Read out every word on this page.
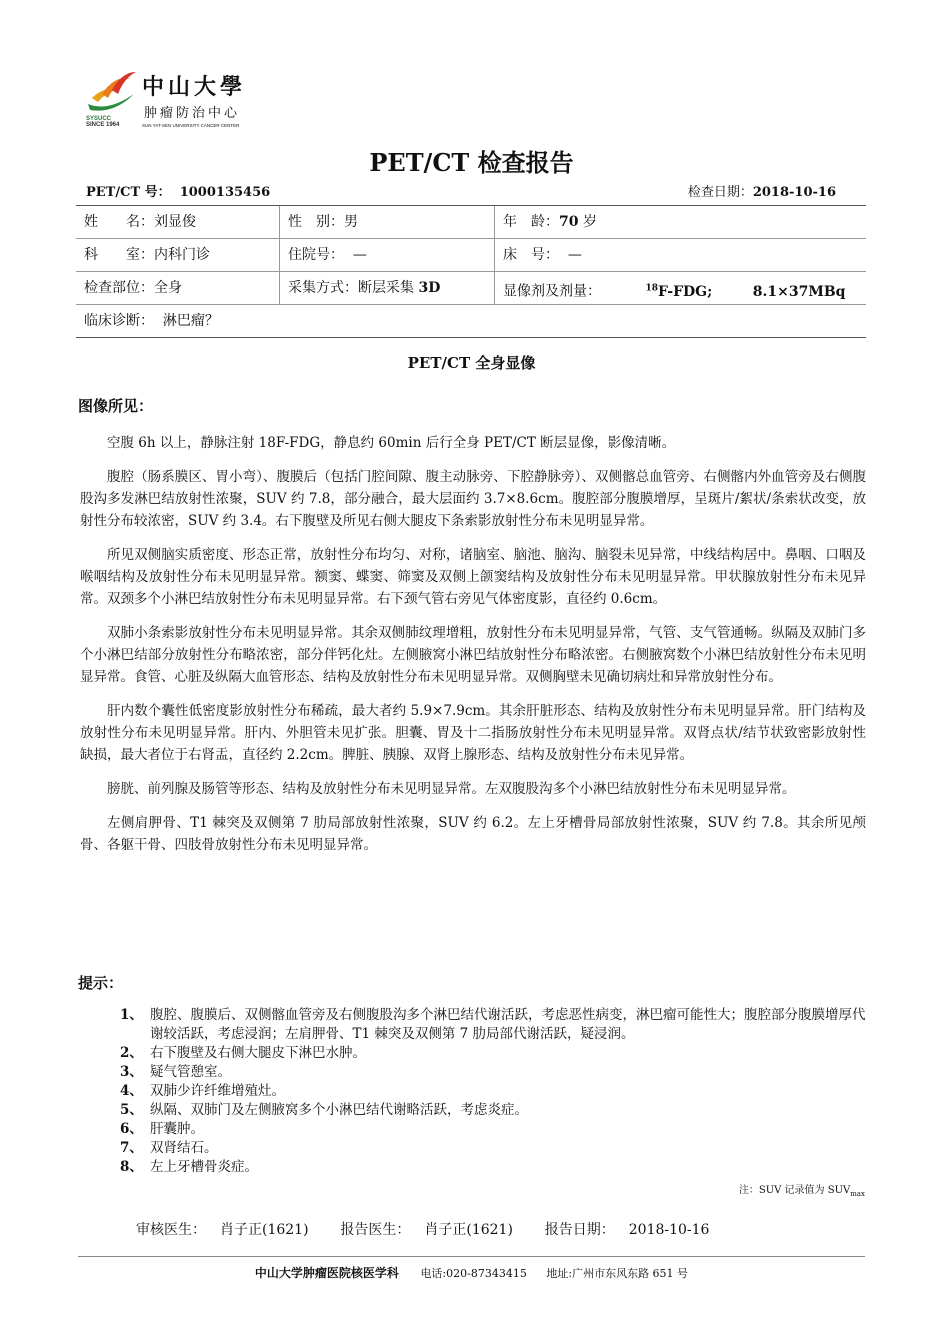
中山大學
肿瘤防治中心
SYSUCC
SINCE 1964	SUN YAT-SEN UNIVERSITY CANCER CENTER
PET/CT 检查报告
PET/CT 号： 1000135456	检查日期：2018-10-16
姓　　名：刘显俊	性　别：男	年　龄：70 岁
科　　室：内科门诊	住院号： —	床　号： —
检查部位：全身	采集方式：断层采集 3D	显像剂及剂量：	$^{18}$F-FDG;	8.1×37MBq
临床诊断： 淋巴瘤？
PET/CT 全身显像
图像所见：

空腹 6h 以上，静脉注射 18F-FDG，静息约 60min 后行全身 PET/CT 断层显像，影像清晰。

腹腔（肠系膜区、胃小弯）、腹膜后（包括门腔间隙、腹主动脉旁、下腔静脉旁）、双侧髂总血管旁、右侧髂内外血管旁及右侧腹股沟多发淋巴结放射性浓聚，SUV 约 7.8，部分融合，最大层面约 3.7×8.6cm。腹腔部分腹膜增厚，呈斑片/絮状/条索状改变，放射性分布较浓密，SUV 约 3.4。右下腹壁及所见右侧大腿皮下条索影放射性分布未见明显异常。

所见双侧脑实质密度、形态正常，放射性分布均匀、对称，诸脑室、脑池、脑沟、脑裂未见异常，中线结构居中。鼻咽、口咽及喉咽结构及放射性分布未见明显异常。额窦、蝶窦、筛窦及双侧上颌窦结构及放射性分布未见明显异常。甲状腺放射性分布未见异常。双颈多个小淋巴结放射性分布未见明显异常。右下颈气管右旁见气体密度影，直径约 0.6cm。

双肺小条索影放射性分布未见明显异常。其余双侧肺纹理增粗，放射性分布未见明显异常，气管、支气管通畅。纵隔及双肺门多个小淋巴结部分放射性分布略浓密，部分伴钙化灶。左侧腋窝小淋巴结放射性分布略浓密。右侧腋窝数个小淋巴结放射性分布未见明显异常。食管、心脏及纵隔大血管形态、结构及放射性分布未见明显异常。双侧胸壁未见确切病灶和异常放射性分布。

肝内数个囊性低密度影放射性分布稀疏，最大者约 5.9×7.9cm。其余肝脏形态、结构及放射性分布未见明显异常。肝门结构及放射性分布未见明显异常。肝内、外胆管未见扩张。胆囊、胃及十二指肠放射性分布未见明显异常。双肾点状/结节状致密影放射性缺损，最大者位于右肾盂，直径约 2.2cm。脾脏、胰腺、双肾上腺形态、结构及放射性分布未见异常。

膀胱、前列腺及肠管等形态、结构及放射性分布未见明显异常。左双腹股沟多个小淋巴结放射性分布未见明显异常。

左侧肩胛骨、T1 棘突及双侧第 7 肋局部放射性浓聚，SUV 约 6.2。左上牙槽骨局部放射性浓聚，SUV 约 7.8。其余所见颅骨、各躯干骨、四肢骨放射性分布未见明显异常。

提示：
1、 腹腔、腹膜后、双侧髂血管旁及右侧腹股沟多个淋巴结代谢活跃，考虑恶性病变，淋巴瘤可能性大；腹腔部分腹膜增厚代谢较活跃，考虑浸润；左肩胛骨、T1 棘突及双侧第 7 肋局部代谢活跃，疑浸润。
2、 右下腹壁及右侧大腿皮下淋巴水肿。
3、 疑气管憩室。
4、 双肺少许纤维增殖灶。
5、 纵隔、双肺门及左侧腋窝多个小淋巴结代谢略活跃，考虑炎症。
6、 肝囊肿。
7、 双肾结石。
8、 左上牙槽骨炎症。
注：SUV 记录值为 $SUV_{max}$
审核医生： 肖子正(1621) 报告医生： 肖子正(1621) 报告日期： 2018-10-16
中山大学肿瘤医院核医学科 电话:020-87343415 地址:广州市东风东路 651 号
